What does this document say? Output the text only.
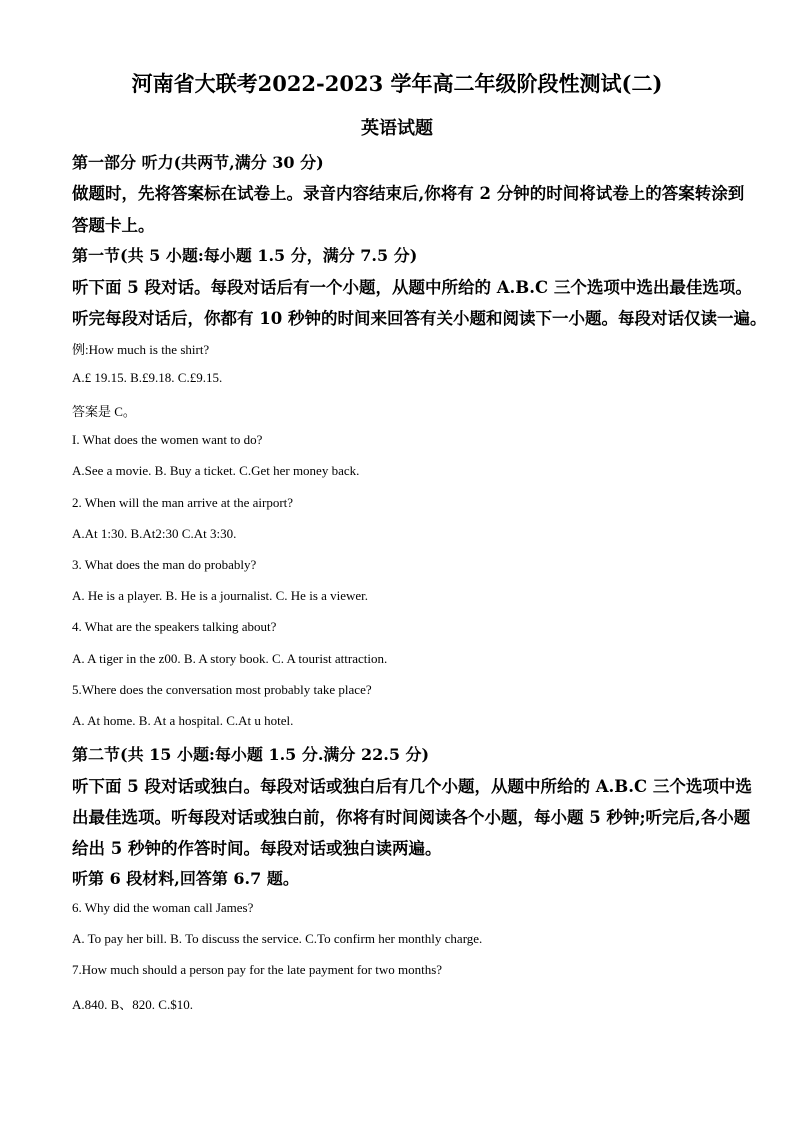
河南省大联考2022-2023 学年高二年级阶段性测试(二)
英语试题
第一部分 听力(共两节,满分 30 分)
做题时，先将答案标在试卷上。录音内容结束后,你将有 2 分钟的时间将试卷上的答案转涂到
答题卡上。
第一节(共 5 小题:每小题 1.5 分，满分 7.5 分)
听下面 5 段对话。每段对话后有一个小题，从题中所给的 A.B.C 三个选项中选出最佳选项。
听完每段对话后，你都有 10 秒钟的时间来回答有关小题和阅读下一小题。每段对话仅读一遍。
例:How much is the shirt?
A.£ 19.15. B.£9.18. C.£9.15.
答案是 C。
I. What does the women want to do?
A.See a movie. B. Buy a ticket. C.Get her money back.
2. When will the man arrive at the airport?
A.At 1:30. B.At2:30 C.At 3:30.
3. What does the man do probably?
A. He is a player. B. He is a journalist. C. He is a viewer.
4. What are the speakers talking about?
A. A tiger in the z00. B. A story book. C. A tourist attraction.
5.Where does the conversation most probably take place?
A. At home. B. At a hospital. C.At u hotel.
第二节(共 15 小题:每小题 1.5 分.满分 22.5 分)
听下面 5 段对话或独白。每段对话或独白后有几个小题，从题中所给的 A.B.C 三个选项中选
出最佳选项。听每段对话或独白前，你将有时间阅读各个小题，每小题 5 秒钟;听完后,各小题
给出 5 秒钟的作答时间。每段对话或独白读两遍。
听第 6 段材料,回答第 6.7 题。
6. Why did the woman call James?
A. To pay her bill. B. To discuss the service. C.To confirm her monthly charge.
7.How much should a person pay for the late payment for two months?
A.840. B、820. C.$10.
